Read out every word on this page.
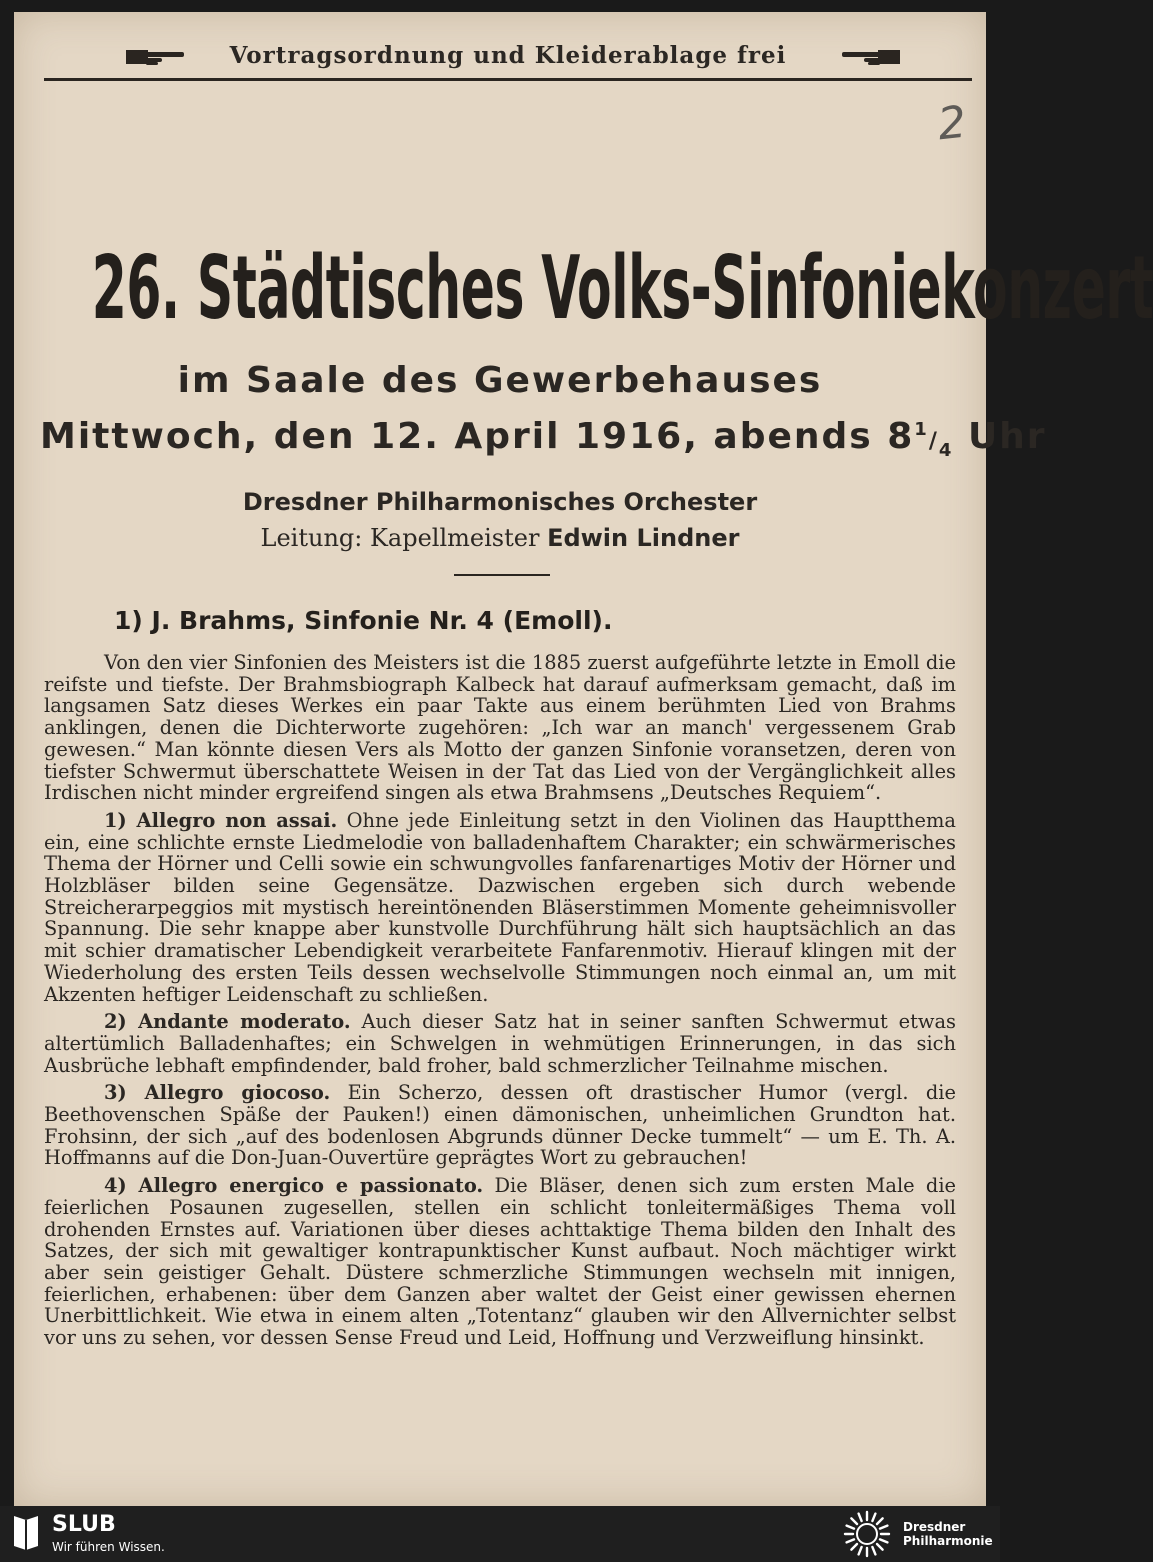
Vortragsordnung und Kleiderablage frei
2
26. Städtisches Volks-Sinfoniekonzert
im Saale des Gewerbehauses
Mittwoch, den 12. April 1916, abends $8^1/_4$ Uhr
Dresdner Philharmonisches Orchester
Leitung: Kapellmeister Edwin Lindner
1) J. Brahms, Sinfonie Nr. 4 (Emoll).

Von den vier Sinfonien des Meisters ist die 1885 zuerst aufgeführte letzte in Emoll die reifste und tiefste. Der Brahmsbiograph Kalbeck hat darauf aufmerksam gemacht, daß im langsamen Satz dieses Werkes ein paar Takte aus einem berühmten Lied von Brahms anklingen, denen die Dichterworte zugehören: „Ich war an manch' vergessenem Grab gewesen.“ Man könnte diesen Vers als Motto der ganzen Sinfonie voransetzen, deren von tiefster Schwermut überschattete Weisen in der Tat das Lied von der Vergänglichkeit alles Irdischen nicht minder ergreifend singen als etwa Brahmsens „Deutsches Requiem“.

1) Allegro non assai. Ohne jede Einleitung setzt in den Violinen das Hauptthema ein, eine schlichte ernste Liedmelodie von balladenhaftem Charakter; ein schwärmerisches Thema der Hörner und Celli sowie ein schwungvolles fanfarenartiges Motiv der Hörner und Holzbläser bilden seine Gegensätze. Dazwischen ergeben sich durch webende Streicherarpeggios mit mystisch hereintönenden Bläserstimmen Momente geheimnisvoller Spannung. Die sehr knappe aber kunstvolle Durchführung hält sich hauptsächlich an das mit schier dramatischer Lebendigkeit verarbeitete Fanfarenmotiv. Hierauf klingen mit der Wiederholung des ersten Teils dessen wechselvolle Stimmungen noch einmal an, um mit Akzenten heftiger Leidenschaft zu schließen.

2) Andante moderato. Auch dieser Satz hat in seiner sanften Schwermut etwas altertümlich Balladenhaftes; ein Schwelgen in wehmütigen Erinnerungen, in das sich Ausbrüche lebhaft empfindender, bald froher, bald schmerzlicher Teilnahme mischen.

3) Allegro giocoso. Ein Scherzo, dessen oft drastischer Humor (vergl. die Beethovenschen Späße der Pauken!) einen dämonischen, unheimlichen Grundton hat. Frohsinn, der sich „auf des bodenlosen Abgrunds dünner Decke tummelt“ — um E. Th. A. Hoffmanns auf die Don-Juan-Ouvertüre geprägtes Wort zu gebrauchen!

4) Allegro energico e passionato. Die Bläser, denen sich zum ersten Male die feierlichen Posaunen zugesellen, stellen ein schlicht tonleitermäßiges Thema voll drohenden Ernstes auf. Variationen über dieses achttaktige Thema bilden den Inhalt des Satzes, der sich mit gewaltiger kontrapunktischer Kunst aufbaut. Noch mächtiger wirkt aber sein geistiger Gehalt. Düstere schmerzliche Stimmungen wechseln mit innigen, feierlichen, erhabenen: über dem Ganzen aber waltet der Geist einer gewissen ehernen Unerbittlichkeit. Wie etwa in einem alten „Totentanz“ glauben wir den Allvernichter selbst vor uns zu sehen, vor dessen Sense Freud und Leid, Hoffnung und Verzweiflung hinsinkt.

SLUB
Wir führen Wissen.
Dresdner
Philharmonie
